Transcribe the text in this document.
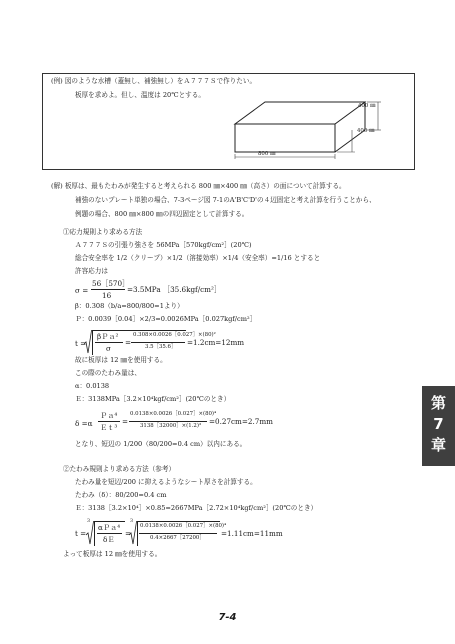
(例) 図のような水槽（蓋無し、補強無し）をＡ７７７Ｓで作りたい。
板厚を求めよ。但し、温度は 20℃とする。
400 ㎜
400 ㎜
800 ㎜
(解) 板厚は、最もたわみが発生すると考えられる 800 ㎜×400 ㎜（高さ）の面について計算する。
補強のないプレート単独の場合、7-3ページ図 7-1のA'B'C'D'の４辺固定と考え計算を行うことから、
例題の場合、800 ㎜×800 ㎜の四辺固定として計算する。
①応力規則より求める方法
Ａ７７７Ｓの引張り強さを 56MPa［570kgf/cm²］(20℃)
総合安全率を 1/2（クリープ）×1/2（溶接効率）×1/4（安全率）=1/16 とすると
許容応力は
σ =
56［570］
16
=3.5MPa ［35.6kgf/cm²］
β：0.308（b/a=800/800=1より）
Ｐ：0.0039［0.04］×2/3=0.0026MPa［0.027kgf/cm²］
t =
βＰａ²
σ
=
0.308×0.0026［0.027］×(80)²
3.5［35.6］ =1.2cm=12mm
故に板厚は 12 ㎜を使用する。
この際のたわみ量は、
α：0.0138
Ｅ：3138MPa［3.2×10⁴kgf/cm²］(20℃のとき）
δ =α
Ｐａ⁴
Ｅｔ³
=
0.0138×0.0026［0.027］×(80)⁴
3138［32000］×(1.2)³ =0.27cm=2.7mm
となり、短辺の 1/200（80/200=0.4 cm）以内にある。
②たわみ規則より求める方法（参考）
たわみ量を短辺/200 に抑えるようなシート厚さを計算する。
たわみ（δ）：80/200=0.4 cm
Ｅ：3138［3.2×10⁴］×0.85=2667MPa［2.72×10⁴kgf/cm²］(20℃のとき）
t =
3
αＰａ⁴
δＥ
=
3
0.0138×0.0026［0.027］×(80)⁴
0.4×2667［27200］ =1.11cm=11mm
よって板厚は 12 ㎜を使用する。
第
7
章
7-4
